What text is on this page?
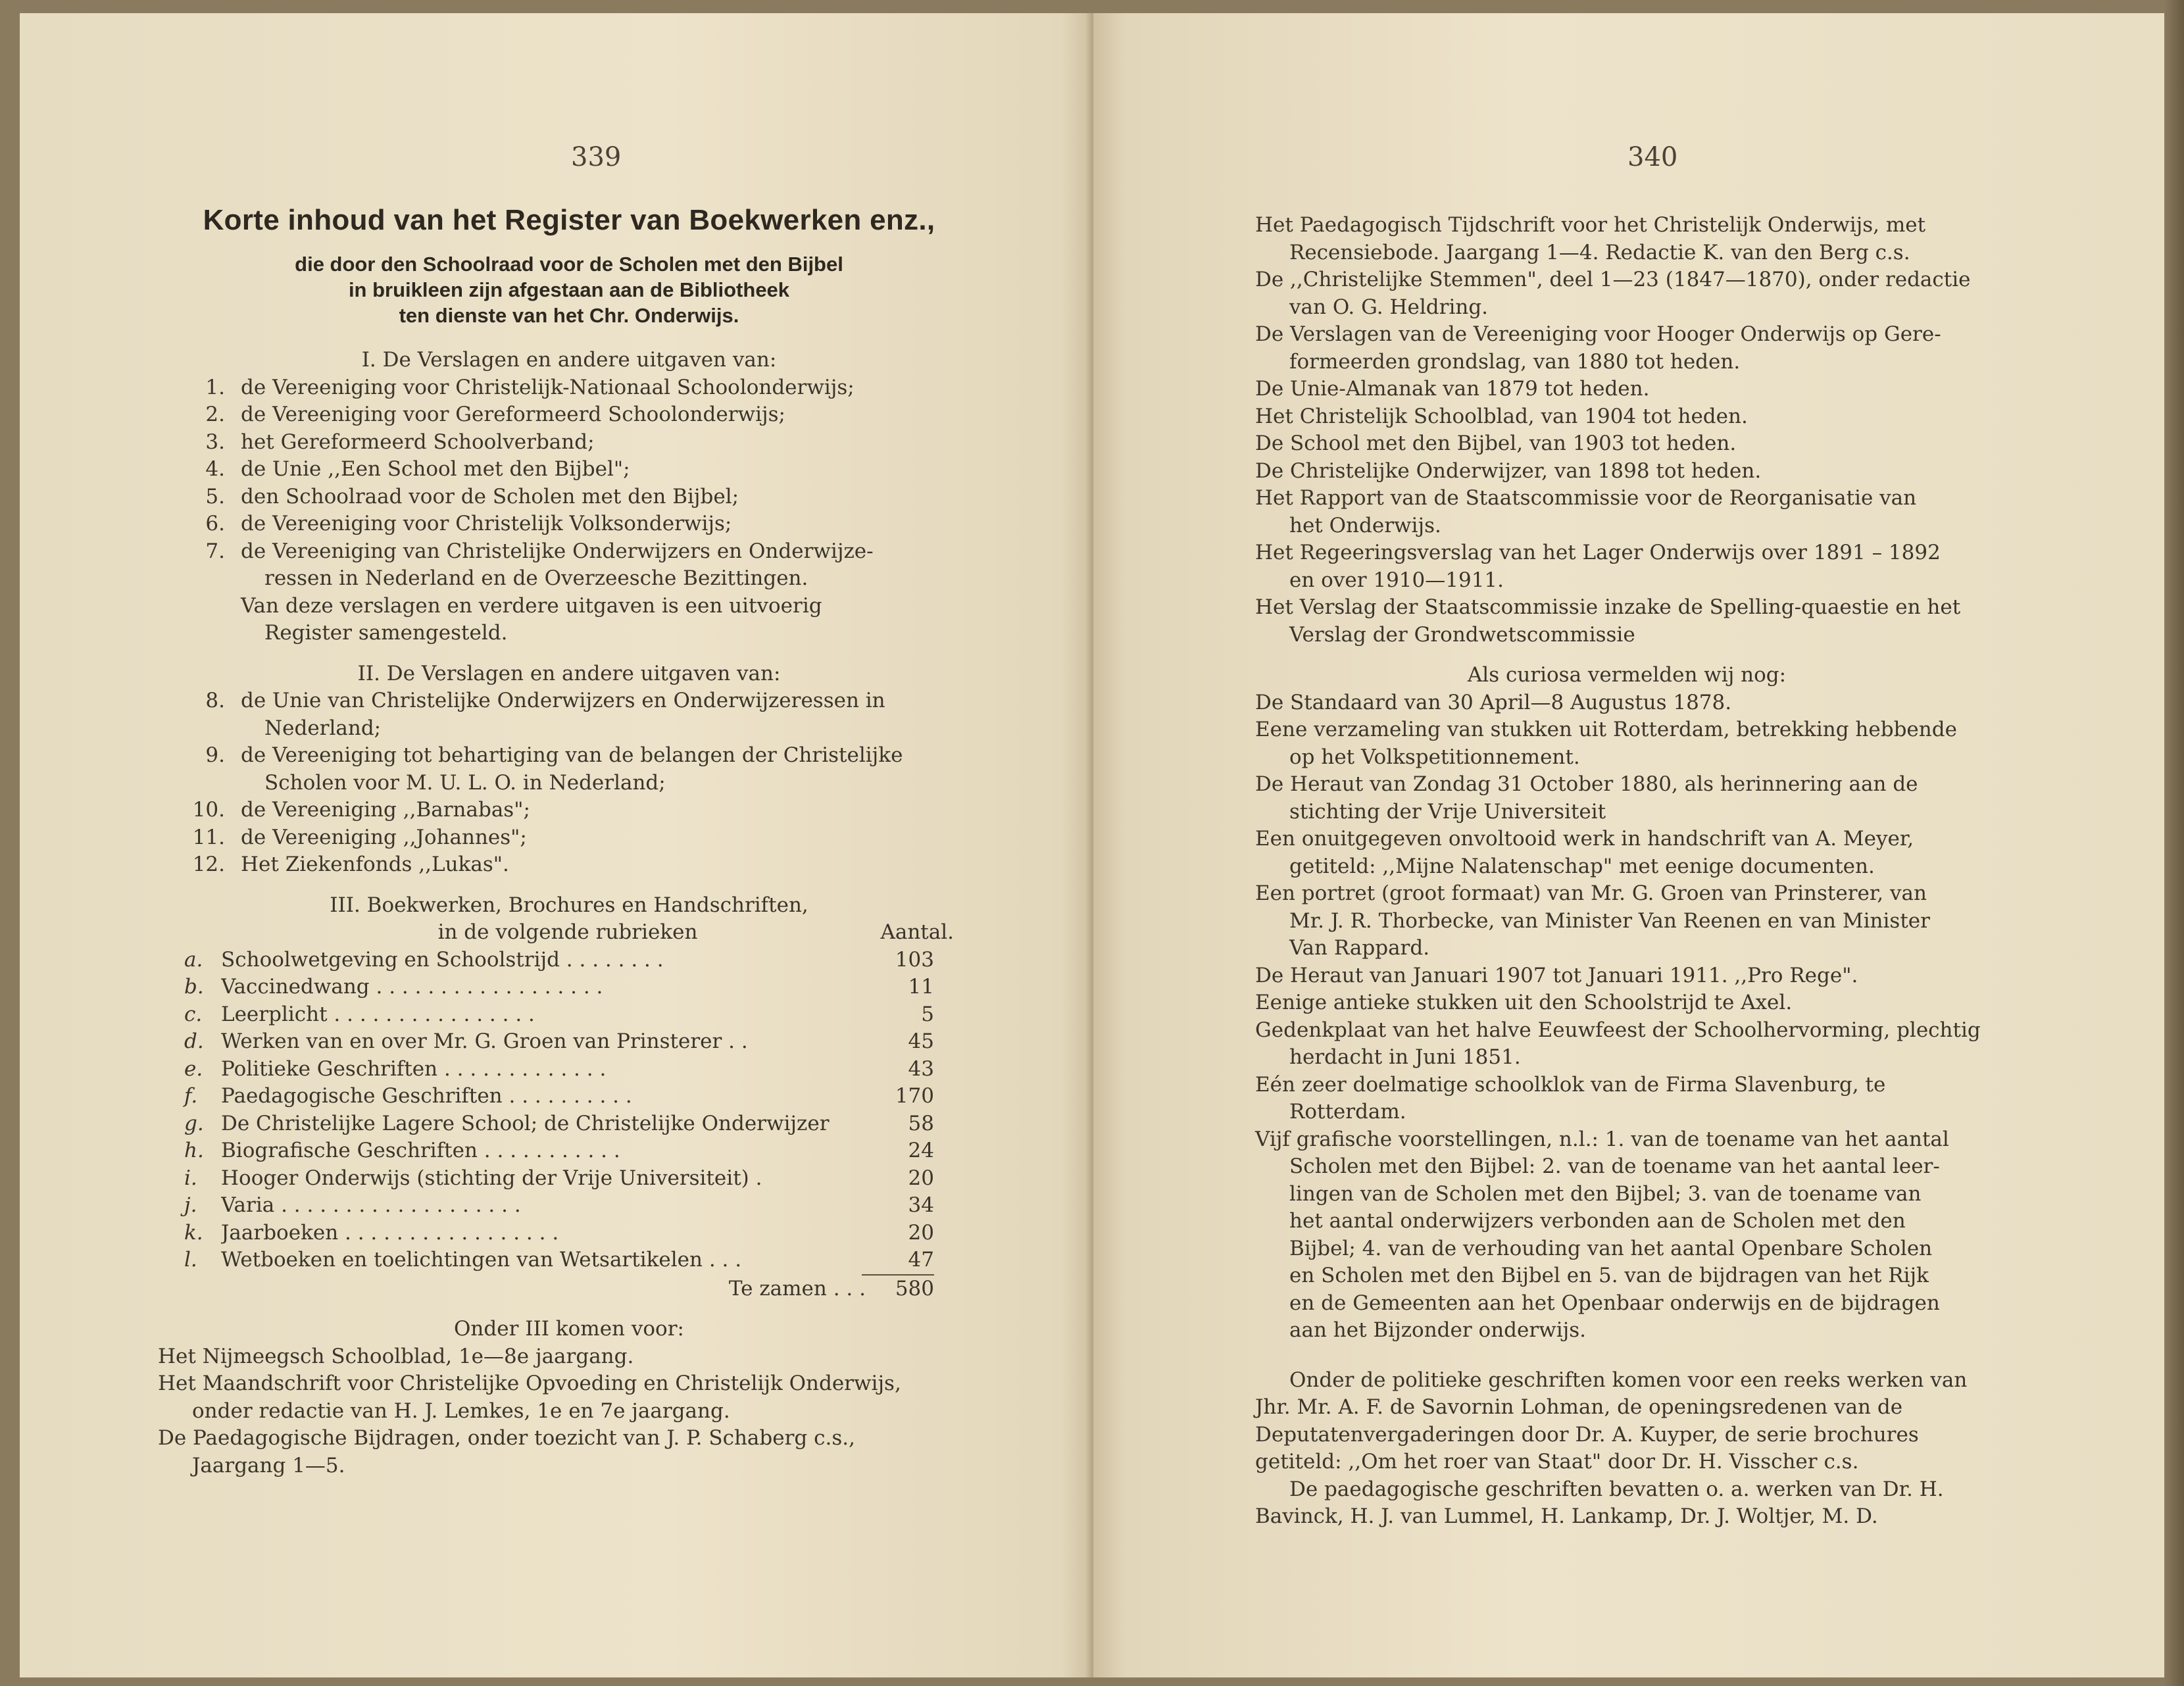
339
Korte inhoud van het Register van Boekwerken enz.,
die door den Schoolraad voor de Scholen met den Bijbel
in bruikleen zijn afgestaan aan de Bibliotheek
ten dienste van het Chr. Onderwijs.
I. De Verslagen en andere uitgaven van:
1. de Vereeniging voor Christelijk-Nationaal Schoolonderwijs;
2. de Vereeniging voor Gereformeerd Schoolonderwijs;
3. het Gereformeerd Schoolverband;
4. de Unie ,,Een School met den Bijbel";
5. den Schoolraad voor de Scholen met den Bijbel;
6. de Vereeniging voor Christelijk Volksonderwijs;
7. de Vereeniging van Christelijke Onderwijzers en Onderwijze-
ressen in Nederland en de Overzeesche Bezittingen.
Van deze verslagen en verdere uitgaven is een uitvoerig
Register samengesteld.
II. De Verslagen en andere uitgaven van:
8. de Unie van Christelijke Onderwijzers en Onderwijzeressen in
Nederland;
9. de Vereeniging tot behartiging van de belangen der Christelijke
Scholen voor M. U. L. O. in Nederland;
10. de Vereeniging ,,Barnabas";
11. de Vereeniging ,,Johannes";
12. Het Ziekenfonds ,,Lukas".
III. Boekwerken, Brochures en Handschriften,
in de volgende rubrieken	Aantal.
a. Schoolwetgeving en Schoolstrijd . . . . . . . .	103
b. Vaccinedwang . . . . . . . . . . . . . . . . . .	11
c. Leerplicht . . . . . . . . . . . . . . . .	5
d. Werken van en over Mr. G. Groen van Prinsterer . .	45
e. Politieke Geschriften . . . . . . . . . . . . .	43
f.	Paedagogische Geschriften . . . . . . . . . .	170
g. De Christelijke Lagere School; de Christelijke Onderwijzer	58
h. Biografische Geschriften . . . . . . . . . . .	24
i.	Hooger Onderwijs (stichting der Vrije Universiteit) .	20
j.	Varia . . . . . . . . . . . . . . . . . . .	34
k. Jaarboeken . . . . . . . . . . . . . . . . .	20
l.	Wetboeken en toelichtingen van Wetsartikelen . . .	47
Te zamen . . .	580
Onder III komen voor:
Het Nijmeegsch Schoolblad, 1e—8e jaargang.
Het Maandschrift voor Christelijke Opvoeding en Christelijk Onderwijs,
onder redactie van H. J. Lemkes, 1e en 7e jaargang.
De Paedagogische Bijdragen, onder toezicht van J. P. Schaberg c.s.,
Jaargang 1—5.
340
Het Paedagogisch Tijdschrift voor het Christelijk Onderwijs, met
Recensiebode. Jaargang 1—4. Redactie K. van den Berg c.s.
De ,,Christelijke Stemmen", deel 1—23 (1847—1870), onder redactie
van O. G. Heldring.
De Verslagen van de Vereeniging voor Hooger Onderwijs op Gere-
formeerden grondslag, van 1880 tot heden.
De Unie-Almanak van 1879 tot heden.
Het Christelijk Schoolblad, van 1904 tot heden.
De School met den Bijbel, van 1903 tot heden.
De Christelijke Onderwijzer, van 1898 tot heden.
Het Rapport van de Staatscommissie voor de Reorganisatie van
het Onderwijs.
Het Regeeringsverslag van het Lager Onderwijs over 1891 – 1892
en over 1910—1911.
Het Verslag der Staatscommissie inzake de Spelling-quaestie en het
Verslag der Grondwetscommissie
Als curiosa vermelden wij nog:
De Standaard van 30 April—8 Augustus 1878.
Eene verzameling van stukken uit Rotterdam, betrekking hebbende
op het Volkspetitionnement.
De Heraut van Zondag 31 October 1880, als herinnering aan de
stichting der Vrije Universiteit
Een onuitgegeven onvoltooid werk in handschrift van A. Meyer,
getiteld: ,,Mijne Nalatenschap" met eenige documenten.
Een portret (groot formaat) van Mr. G. Groen van Prinsterer, van
Mr. J. R. Thorbecke, van Minister Van Reenen en van Minister
Van Rappard.
De Heraut van Januari 1907 tot Januari 1911. ,,Pro Rege".
Eenige antieke stukken uit den Schoolstrijd te Axel.
Gedenkplaat van het halve Eeuwfeest der Schoolhervorming, plechtig
herdacht in Juni 1851.
Eén zeer doelmatige schoolklok van de Firma Slavenburg, te
Rotterdam.
Vijf grafische voorstellingen, n.l.: 1. van de toename van het aantal
Scholen met den Bijbel: 2. van de toename van het aantal leer-
lingen van de Scholen met den Bijbel; 3. van de toename van
het aantal onderwijzers verbonden aan de Scholen met den
Bijbel; 4. van de verhouding van het aantal Openbare Scholen
en Scholen met den Bijbel en 5. van de bijdragen van het Rijk
en de Gemeenten aan het Openbaar onderwijs en de bijdragen
aan het Bijzonder onderwijs.
Onder de politieke geschriften komen voor een reeks werken van
Jhr. Mr. A. F. de Savornin Lohman, de openingsredenen van de
Deputatenvergaderingen door Dr. A. Kuyper, de serie brochures
getiteld: ,,Om het roer van Staat" door Dr. H. Visscher c.s.
De paedagogische geschriften bevatten o. a. werken van Dr. H.
Bavinck, H. J. van Lummel, H. Lankamp, Dr. J. Woltjer, M. D.
